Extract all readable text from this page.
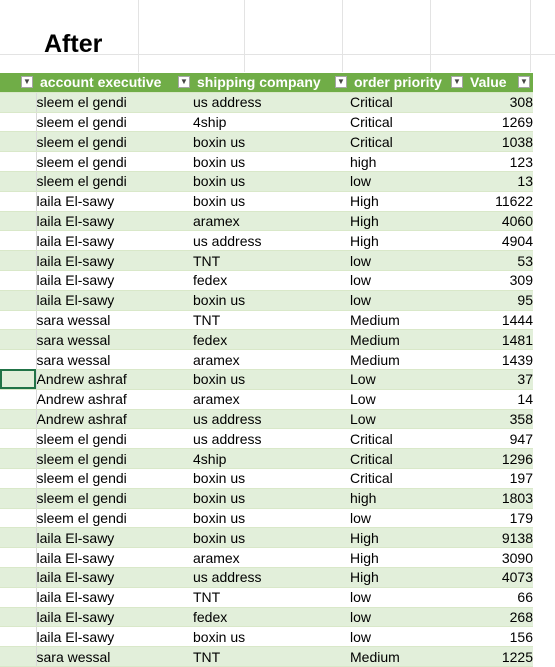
After
▼	account executive ▼	shipping company ▼	order priority ▼	Value ▼

	sleem el gendi	us address	Critical	308
	sleem el gendi	4ship	Critical	1269
	sleem el gendi	boxin us	Critical	1038
	sleem el gendi	boxin us	high	123
	sleem el gendi	boxin us	low	13
	laila El-sawy	boxin us	High	11622
	laila El-sawy	aramex	High	4060
	laila El-sawy	us address	High	4904
	laila El-sawy	TNT	low	53
	laila El-sawy	fedex	low	309
	laila El-sawy	boxin us	low	95
	sara wessal	TNT	Medium	1444
	sara wessal	fedex	Medium	1481
	sara wessal	aramex	Medium	1439
	Andrew ashraf	boxin us	Low	37
	Andrew ashraf	aramex	Low	14
	Andrew ashraf	us address	Low	358
	sleem el gendi	us address	Critical	947
	sleem el gendi	4ship	Critical	1296
	sleem el gendi	boxin us	Critical	197
	sleem el gendi	boxin us	high	1803
	sleem el gendi	boxin us	low	179
	laila El-sawy	boxin us	High	9138
	laila El-sawy	aramex	High	3090
	laila El-sawy	us address	High	4073
	laila El-sawy	TNT	low	66
	laila El-sawy	fedex	low	268
	laila El-sawy	boxin us	low	156
	sara wessal	TNT	Medium	1225
